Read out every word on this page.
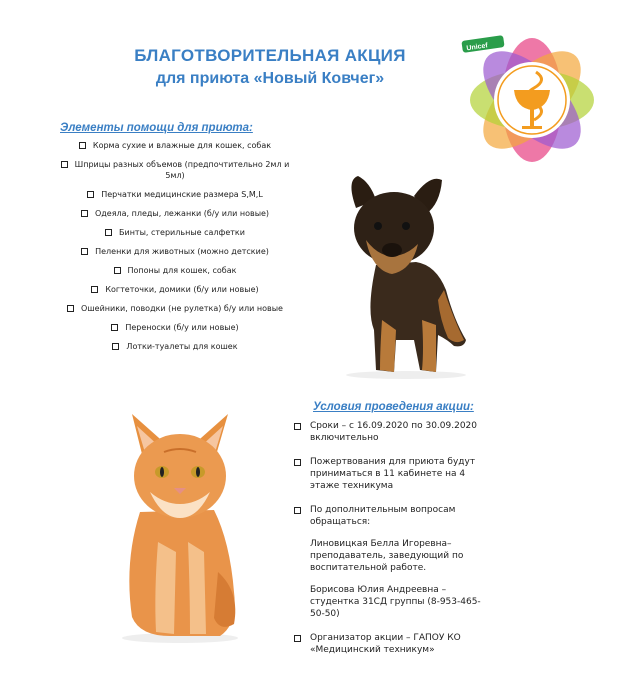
БЛАГОТВОРИТЕЛЬНАЯ АКЦИЯ
для приюта «Новый Ковчег»
Unicef
Элементы помощи для приюта:
Корма сухие и влажные для кошек, собак
Шприцы разных объемов (предпочтительно 2мл и 5мл)
Перчатки медицинские размера S,M,L
Одеяла, пледы, лежанки (б/у или новые)
Бинты, стерильные салфетки
Пеленки для животных (можно детские)
Попоны для кошек, собак
Когтеточки, домики (б/у или новые)
Ошейники, поводки (не рулетка) б/у или новые
Переноски (б/у или новые)
Лотки-туалеты для кошек
Условия проведения акции:
Сроки – с 16.09.2020 по 30.09.2020 включительно
Пожертвования для приюта будут приниматься в 11 кабинете на 4 этаже техникума

По дополнительным вопросам обращаться:

Линовицкая Белла Игоревна– преподаватель, заведующий по воспитательной работе.

Борисова Юлия Андреевна – студентка 31СД группы (8-953-465-50-50)

Организатор акции – ГАПОУ КО «Медицинский техникум»
